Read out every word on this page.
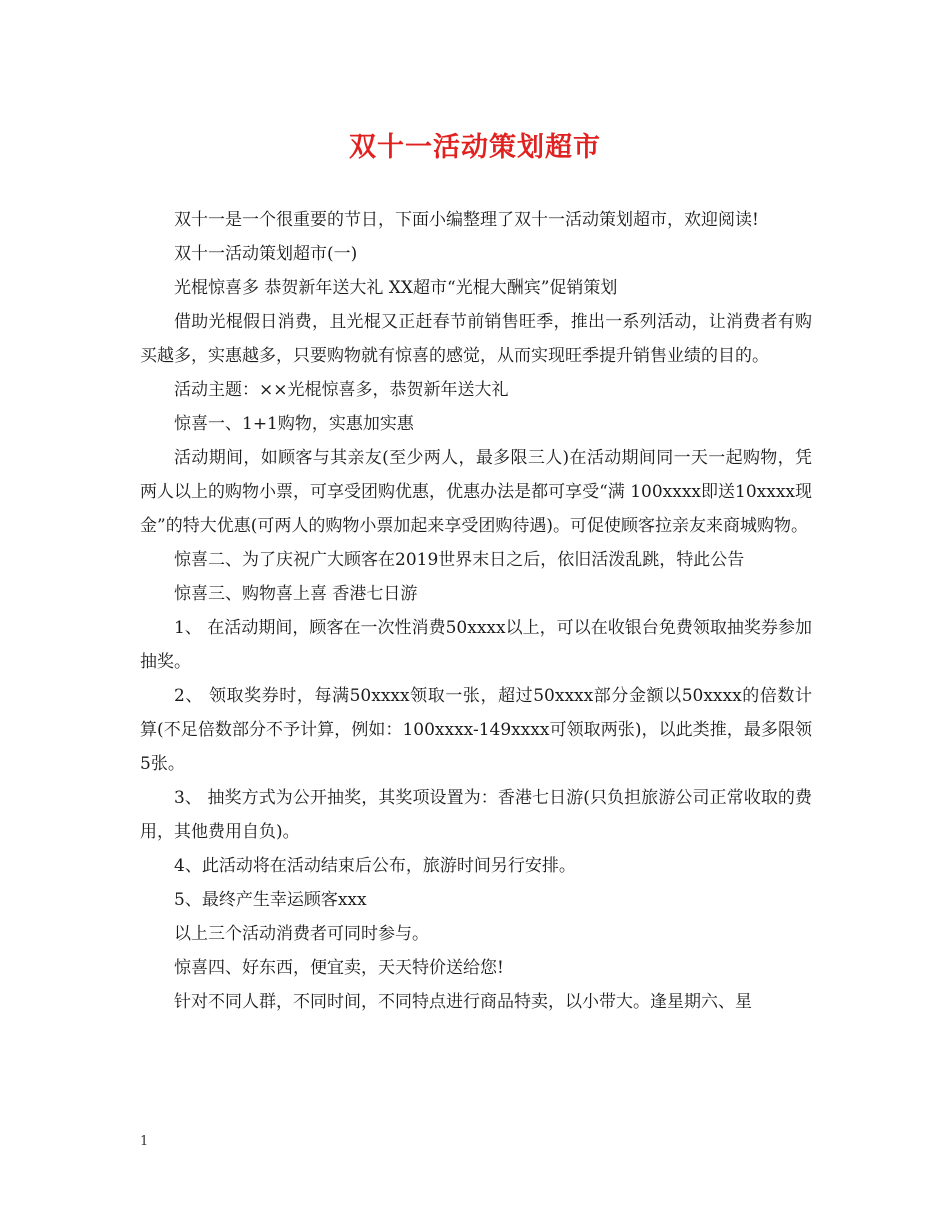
双十一活动策划超市

双十一是一个很重要的节日，下面小编整理了双十一活动策划超市，欢迎阅读!

双十一活动策划超市(一)

光棍惊喜多 恭贺新年送大礼 XX超市“光棍大酬宾”促销策划

借助光棍假日消费，且光棍又正赶春节前销售旺季，推出一系列活动，让消费者有购买越多，实惠越多，只要购物就有惊喜的感觉，从而实现旺季提升销售业绩的目的。

活动主题：××光棍惊喜多，恭贺新年送大礼

惊喜一、1+1购物，实惠加实惠

活动期间，如顾客与其亲友(至少两人，最多限三人)在活动期间同一天一起购物，凭两人以上的购物小票，可享受团购优惠，优惠办法是都可享受“满 100xxxx即送10xxxx现金”的特大优惠(可两人的购物小票加起来享受团购待遇)。可促使顾客拉亲友来商城购物。

惊喜二、为了庆祝广大顾客在2019世界末日之后，依旧活泼乱跳，特此公告

惊喜三、购物喜上喜 香港七日游

1、 在活动期间，顾客在一次性消费50xxxx以上，可以在收银台免费领取抽奖券参加抽奖。

2、 领取奖券时，每满50xxxx领取一张，超过50xxxx部分金额以50xxxx的倍数计算(不足倍数部分不予计算，例如：100xxxx-149xxxx可领取两张)，以此类推，最多限领5张。

3、 抽奖方式为公开抽奖，其奖项设置为：香港七日游(只负担旅游公司正常收取的费用，其他费用自负)。

4、此活动将在活动结束后公布，旅游时间另行安排。

5、最终产生幸运顾客xxx

以上三个活动消费者可同时参与。

惊喜四、好东西，便宜卖，天天特价送给您!

针对不同人群，不同时间，不同特点进行商品特卖，以小带大。逢星期六、星

1
